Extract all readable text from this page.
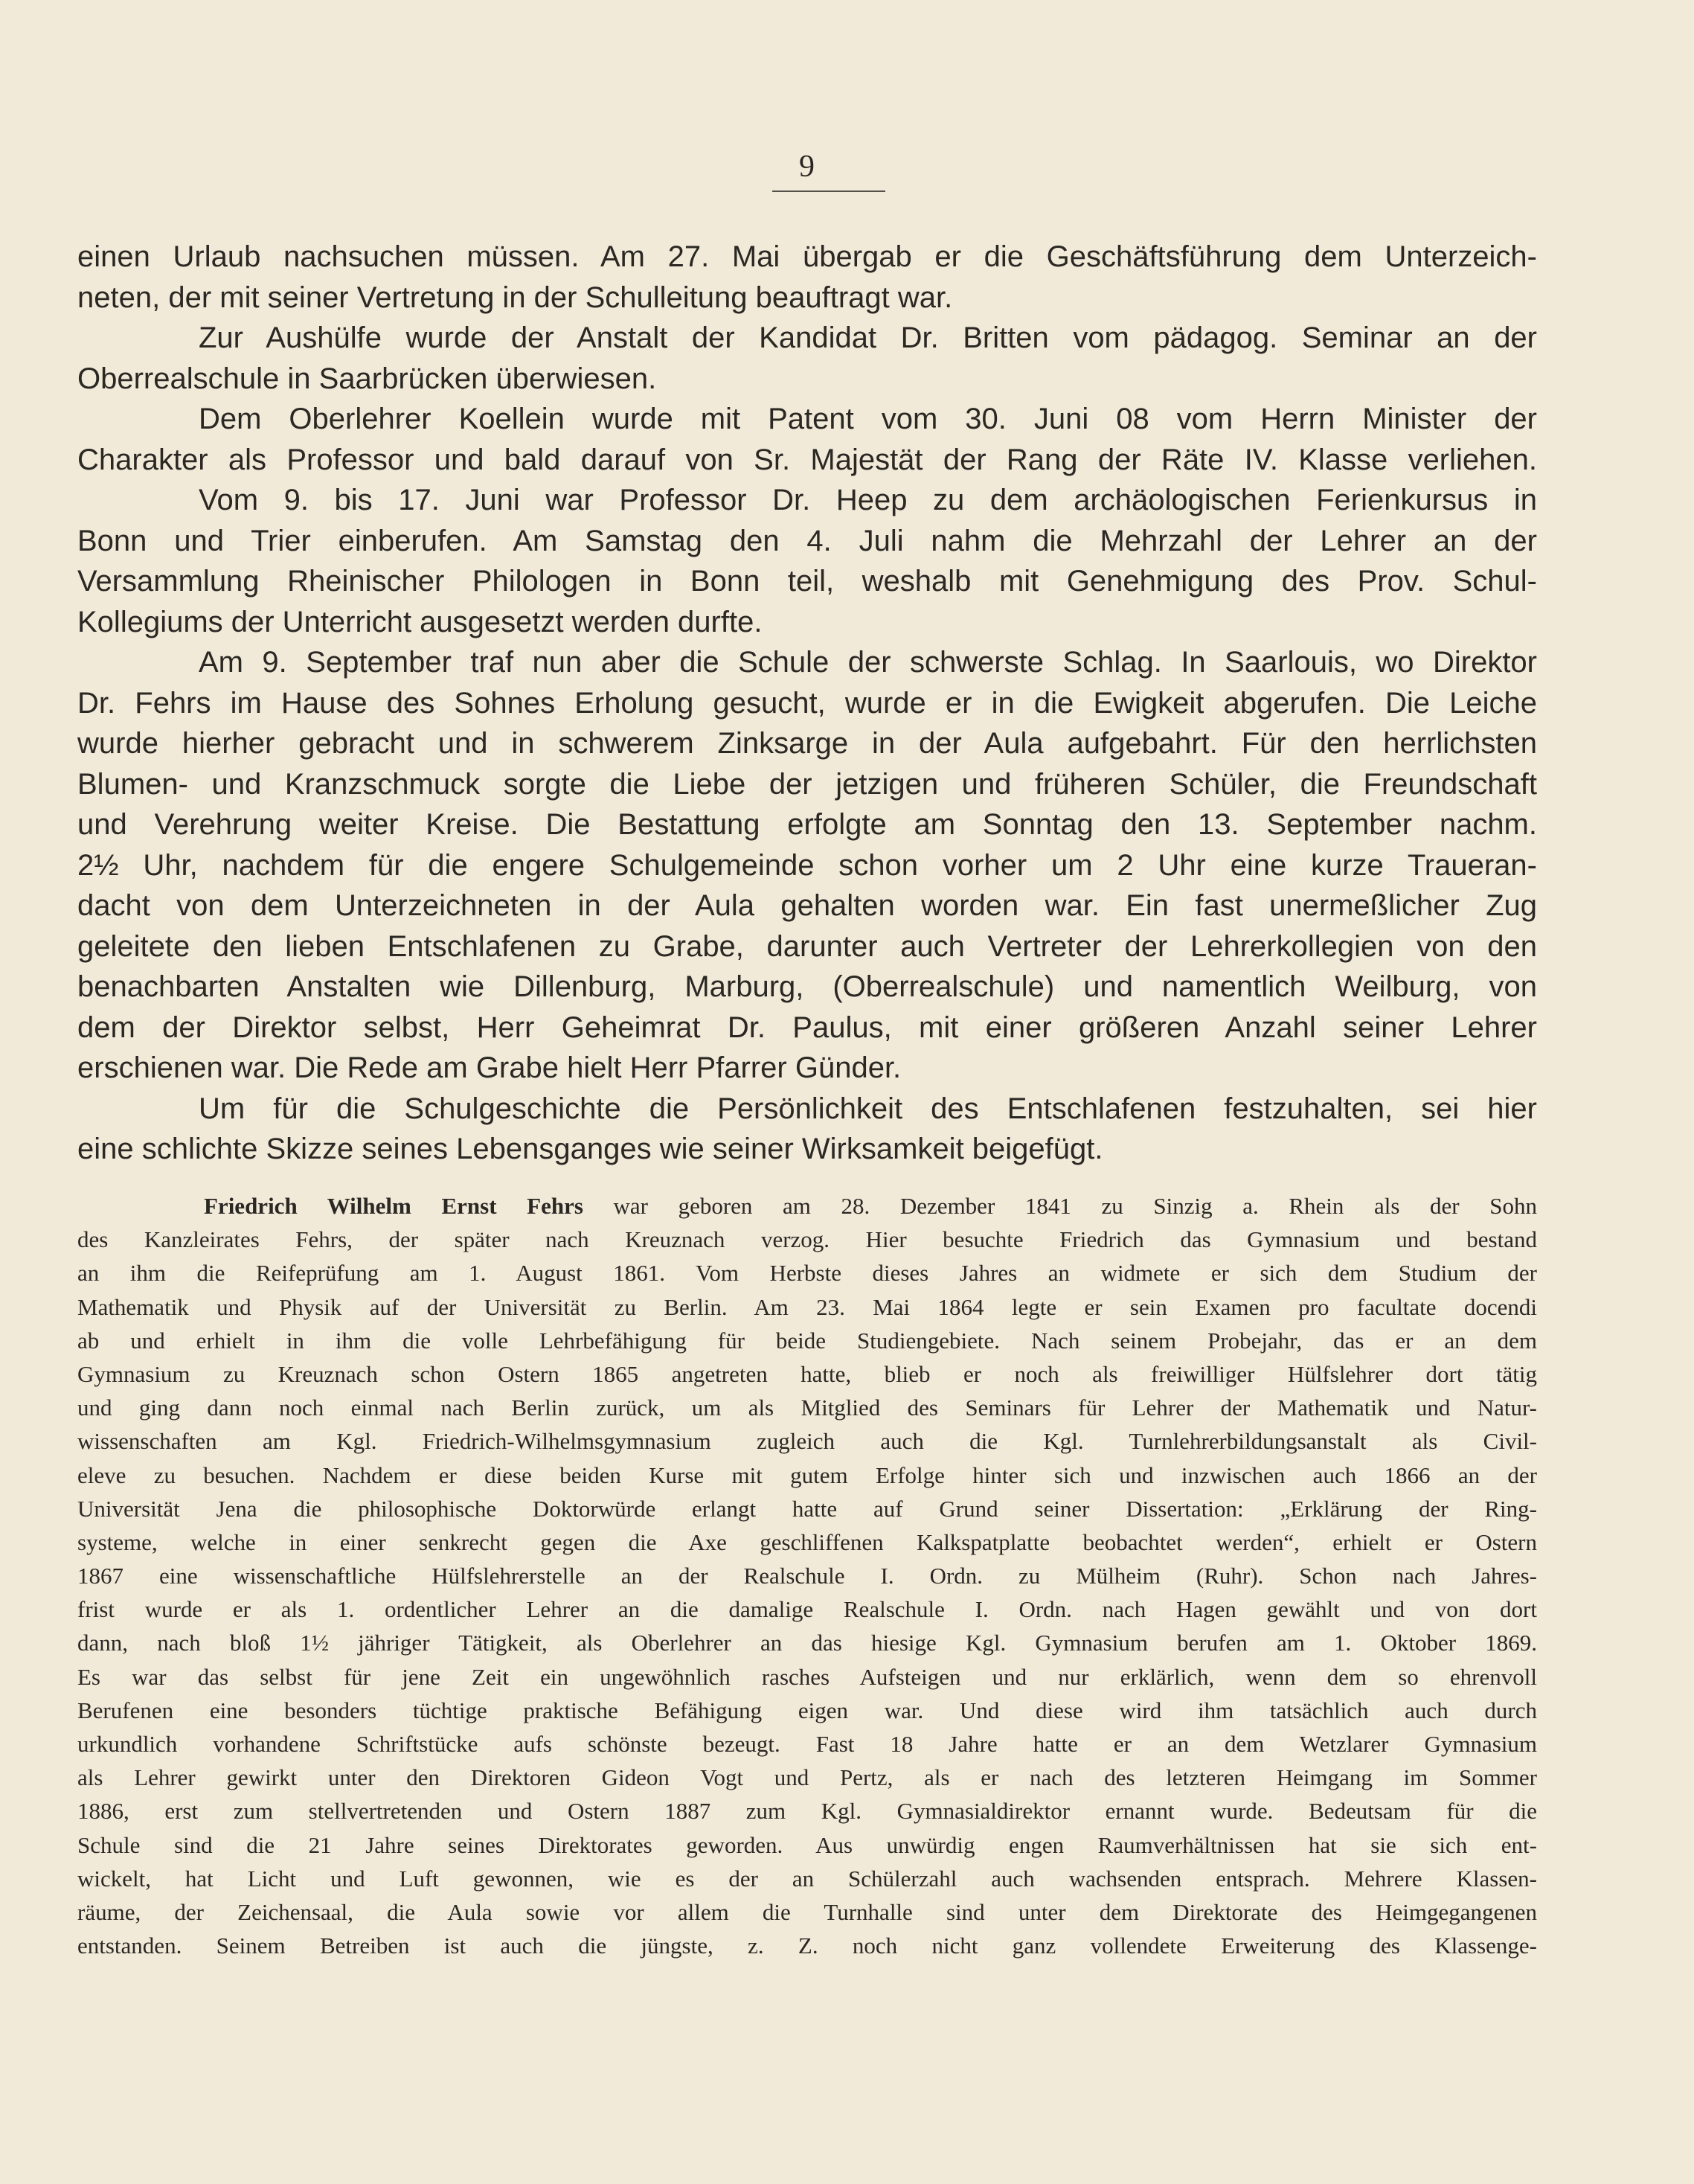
9
einen Urlaub nachsuchen müssen. Am 27. Mai übergab er die Geschäftsführung dem Unterzeich-
neten, der mit seiner Vertretung in der Schulleitung beauftragt war.
Zur Aushülfe wurde der Anstalt der Kandidat Dr. Britten vom pädagog. Seminar an der
Oberrealschule in Saarbrücken überwiesen.
Dem Oberlehrer Koellein wurde mit Patent vom 30. Juni 08 vom Herrn Minister der
Charakter als Professor und bald darauf von Sr. Majestät der Rang der Räte IV. Klasse verliehen.
Vom 9. bis 17. Juni war Professor Dr. Heep zu dem archäologischen Ferienkursus in
Bonn und Trier einberufen. Am Samstag den 4. Juli nahm die Mehrzahl der Lehrer an der
Versammlung Rheinischer Philologen in Bonn teil, weshalb mit Genehmigung des Prov. Schul-
Kollegiums der Unterricht ausgesetzt werden durfte.
Am 9. September traf nun aber die Schule der schwerste Schlag. In Saarlouis, wo Direktor
Dr. Fehrs im Hause des Sohnes Erholung gesucht, wurde er in die Ewigkeit abgerufen. Die Leiche
wurde hierher gebracht und in schwerem Zinksarge in der Aula aufgebahrt. Für den herrlichsten
Blumen- und Kranzschmuck sorgte die Liebe der jetzigen und früheren Schüler, die Freundschaft
und Verehrung weiter Kreise. Die Bestattung erfolgte am Sonntag den 13. September nachm.
2½ Uhr, nachdem für die engere Schulgemeinde schon vorher um 2 Uhr eine kurze Traueran-
dacht von dem Unterzeichneten in der Aula gehalten worden war. Ein fast unermeßlicher Zug
geleitete den lieben Entschlafenen zu Grabe, darunter auch Vertreter der Lehrerkollegien von den
benachbarten Anstalten wie Dillenburg, Marburg, (Oberrealschule) und namentlich Weilburg, von
dem der Direktor selbst, Herr Geheimrat Dr. Paulus, mit einer größeren Anzahl seiner Lehrer
erschienen war. Die Rede am Grabe hielt Herr Pfarrer Günder.
Um für die Schulgeschichte die Persönlichkeit des Entschlafenen festzuhalten, sei hier
eine schlichte Skizze seines Lebensganges wie seiner Wirksamkeit beigefügt.
Friedrich Wilhelm Ernst Fehrs war geboren am 28. Dezember 1841 zu Sinzig a. Rhein als der Sohn
des Kanzleirates Fehrs, der später nach Kreuznach verzog. Hier besuchte Friedrich das Gymnasium und bestand
an ihm die Reifeprüfung am 1. August 1861. Vom Herbste dieses Jahres an widmete er sich dem Studium der
Mathematik und Physik auf der Universität zu Berlin. Am 23. Mai 1864 legte er sein Examen pro facultate docendi
ab und erhielt in ihm die volle Lehrbefähigung für beide Studiengebiete. Nach seinem Probejahr, das er an dem
Gymnasium zu Kreuznach schon Ostern 1865 angetreten hatte, blieb er noch als freiwilliger Hülfslehrer dort tätig
und ging dann noch einmal nach Berlin zurück, um als Mitglied des Seminars für Lehrer der Mathematik und Natur-
wissenschaften am Kgl. Friedrich-Wilhelmsgymnasium zugleich auch die Kgl. Turnlehrerbildungsanstalt als Civil-
eleve zu besuchen. Nachdem er diese beiden Kurse mit gutem Erfolge hinter sich und inzwischen auch 1866 an der
Universität Jena die philosophische Doktorwürde erlangt hatte auf Grund seiner Dissertation: „Erklärung der Ring-
systeme, welche in einer senkrecht gegen die Axe geschliffenen Kalkspatplatte beobachtet werden“, erhielt er Ostern
1867 eine wissenschaftliche Hülfslehrerstelle an der Realschule I. Ordn. zu Mülheim (Ruhr). Schon nach Jahres-
frist wurde er als 1. ordentlicher Lehrer an die damalige Realschule I. Ordn. nach Hagen gewählt und von dort
dann, nach bloß 1½ jähriger Tätigkeit, als Oberlehrer an das hiesige Kgl. Gymnasium berufen am 1. Oktober 1869.
Es war das selbst für jene Zeit ein ungewöhnlich rasches Aufsteigen und nur erklärlich, wenn dem so ehrenvoll
Berufenen eine besonders tüchtige praktische Befähigung eigen war. Und diese wird ihm tatsächlich auch durch
urkundlich vorhandene Schriftstücke aufs schönste bezeugt. Fast 18 Jahre hatte er an dem Wetzlarer Gymnasium
als Lehrer gewirkt unter den Direktoren Gideon Vogt und Pertz, als er nach des letzteren Heimgang im Sommer
1886, erst zum stellvertretenden und Ostern 1887 zum Kgl. Gymnasialdirektor ernannt wurde. Bedeutsam für die
Schule sind die 21 Jahre seines Direktorates geworden. Aus unwürdig engen Raumverhältnissen hat sie sich ent-
wickelt, hat Licht und Luft gewonnen, wie es der an Schülerzahl auch wachsenden entsprach. Mehrere Klassen-
räume, der Zeichensaal, die Aula sowie vor allem die Turnhalle sind unter dem Direktorate des Heimgegangenen
entstanden. Seinem Betreiben ist auch die jüngste, z. Z. noch nicht ganz vollendete Erweiterung des Klassenge-
